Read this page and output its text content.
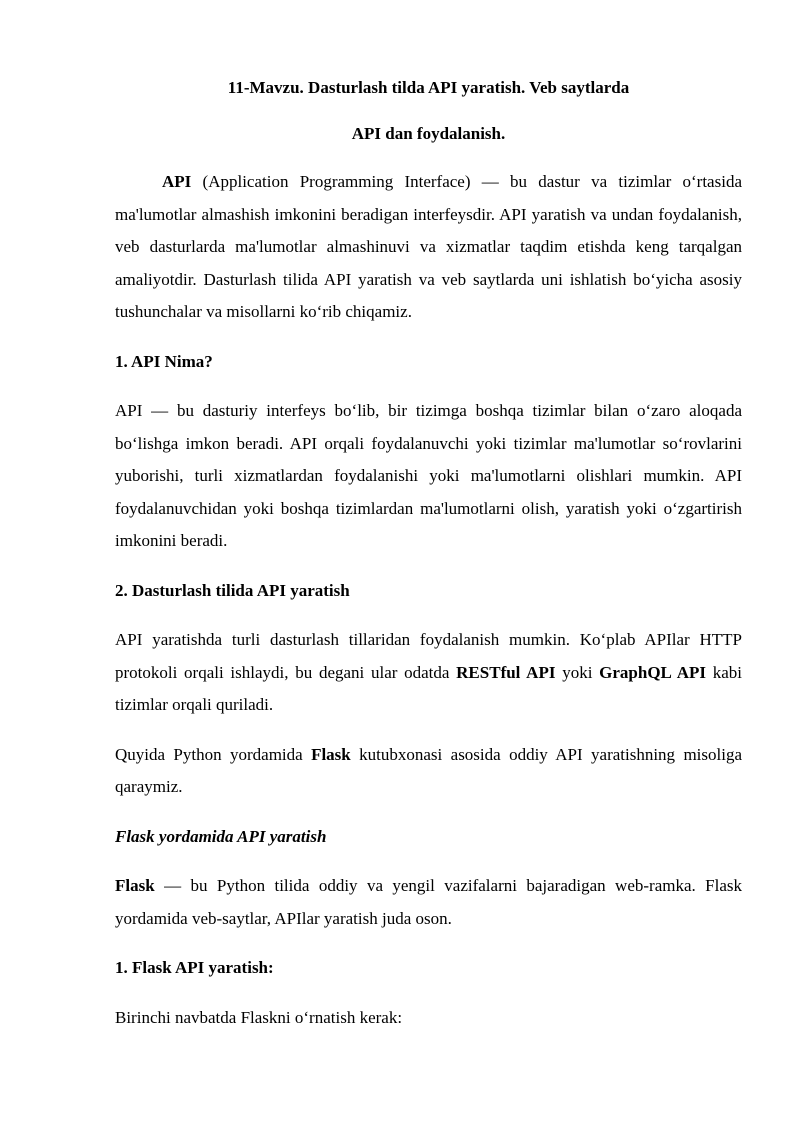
11-Mavzu. Dasturlash tilda API yaratish. Veb saytlarda
API dan foydalanish.

API (Application Programming Interface) — bu dastur va tizimlar o‘rtasida ma'lumotlar almashish imkonini beradigan interfeysdir. API yaratish va undan foydalanish, veb dasturlarda ma'lumotlar almashinuvi va xizmatlar taqdim etishda keng tarqalgan amaliyotdir. Dasturlash tilida API yaratish va veb saytlarda uni ishlatish bo‘yicha asosiy tushunchalar va misollarni ko‘rib chiqamiz.

1. API Nima?

API — bu dasturiy interfeys bo‘lib, bir tizimga boshqa tizimlar bilan o‘zaro aloqada bo‘lishga imkon beradi. API orqali foydalanuvchi yoki tizimlar ma'lumotlar so‘rovlarini yuborishi, turli xizmatlardan foydalanishi yoki ma'lumotlarni olishlari mumkin. API foydalanuvchidan yoki boshqa tizimlardan ma'lumotlarni olish, yaratish yoki o‘zgartirish imkonini beradi.

2. Dasturlash tilida API yaratish

API yaratishda turli dasturlash tillaridan foydalanish mumkin. Ko‘plab APIlar HTTP protokoli orqali ishlaydi, bu degani ular odatda RESTful API yoki GraphQL API kabi tizimlar orqali quriladi.

Quyida Python yordamida Flask kutubxonasi asosida oddiy API yaratishning misoliga qaraymiz.

Flask yordamida API yaratish

Flask — bu Python tilida oddiy va yengil vazifalarni bajaradigan web-ramka. Flask yordamida veb-saytlar, APIlar yaratish juda oson.

1. Flask API yaratish:

Birinchi navbatda Flaskni o‘rnatish kerak:
